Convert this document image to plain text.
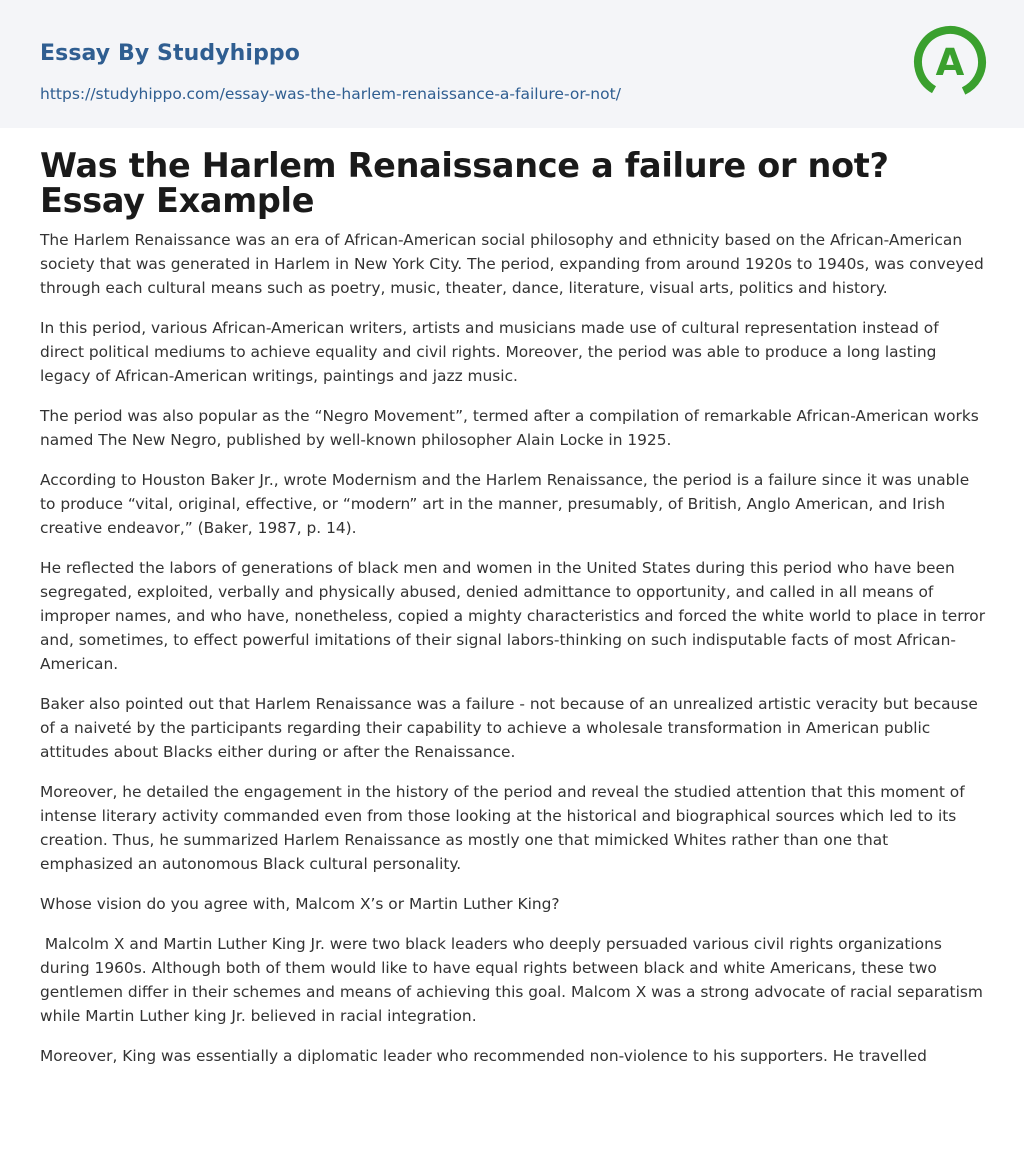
Essay By Studyhippo
https://studyhippo.com/essay-was-the-harlem-renaissance-a-failure-or-not/
A
Was the Harlem Renaissance a failure or not?
Essay Example

The Harlem Renaissance was an era of African-American social philosophy and ethnicity based on the African-American society that was generated in Harlem in New York City. The period, expanding from around 1920s to 1940s, was conveyed through each cultural means such as poetry, music, theater, dance, literature, visual arts, politics and history.

In this period, various African-American writers, artists and musicians made use of cultural representation instead of direct political mediums to achieve equality and civil rights. Moreover, the period was able to produce a long lasting legacy of African-American writings, paintings and jazz music.

The period was also popular as the “Negro Movement”, termed after a compilation of remarkable African-American works named The New Negro, published by well-known philosopher Alain Locke in 1925.

According to Houston Baker Jr., wrote Modernism and the Harlem Renaissance, the period is a failure since it was unable to produce “vital, original, effective, or “modern” art in the manner, presumably, of British, Anglo American, and Irish creative endeavor,” (Baker, 1987, p. 14).

He reflected the labors of generations of black men and women in the United States during this period who have been segregated, exploited, verbally and physically abused, denied admittance to opportunity, and called in all means of improper names, and who have, nonetheless, copied a mighty characteristics and forced the white world to place in terror and, sometimes, to effect powerful imitations of their signal labors-thinking on such indisputable facts of most African-American.

Baker also pointed out that Harlem Renaissance was a failure - not because of an unrealized artistic veracity but because of a naiveté by the participants regarding their capability to achieve a wholesale transformation in American public attitudes about Blacks either during or after the Renaissance.

Moreover, he detailed the engagement in the history of the period and reveal the studied attention that this moment of intense literary activity commanded even from those looking at the historical and biographical sources which led to its creation. Thus, he summarized Harlem Renaissance as mostly one that mimicked Whites rather than one that emphasized an autonomous Black cultural personality.

Whose vision do you agree with, Malcom X’s or Martin Luther King?

Malcolm X and Martin Luther King Jr. were two black leaders who deeply persuaded various civil rights organizations during 1960s. Although both of them would like to have equal rights between black and white Americans, these two gentlemen differ in their schemes and means of achieving this goal. Malcom X was a strong advocate of racial separatism while Martin Luther king Jr. believed in racial integration.

Moreover, King was essentially a diplomatic leader who recommended non-violence to his supporters. He travelled
